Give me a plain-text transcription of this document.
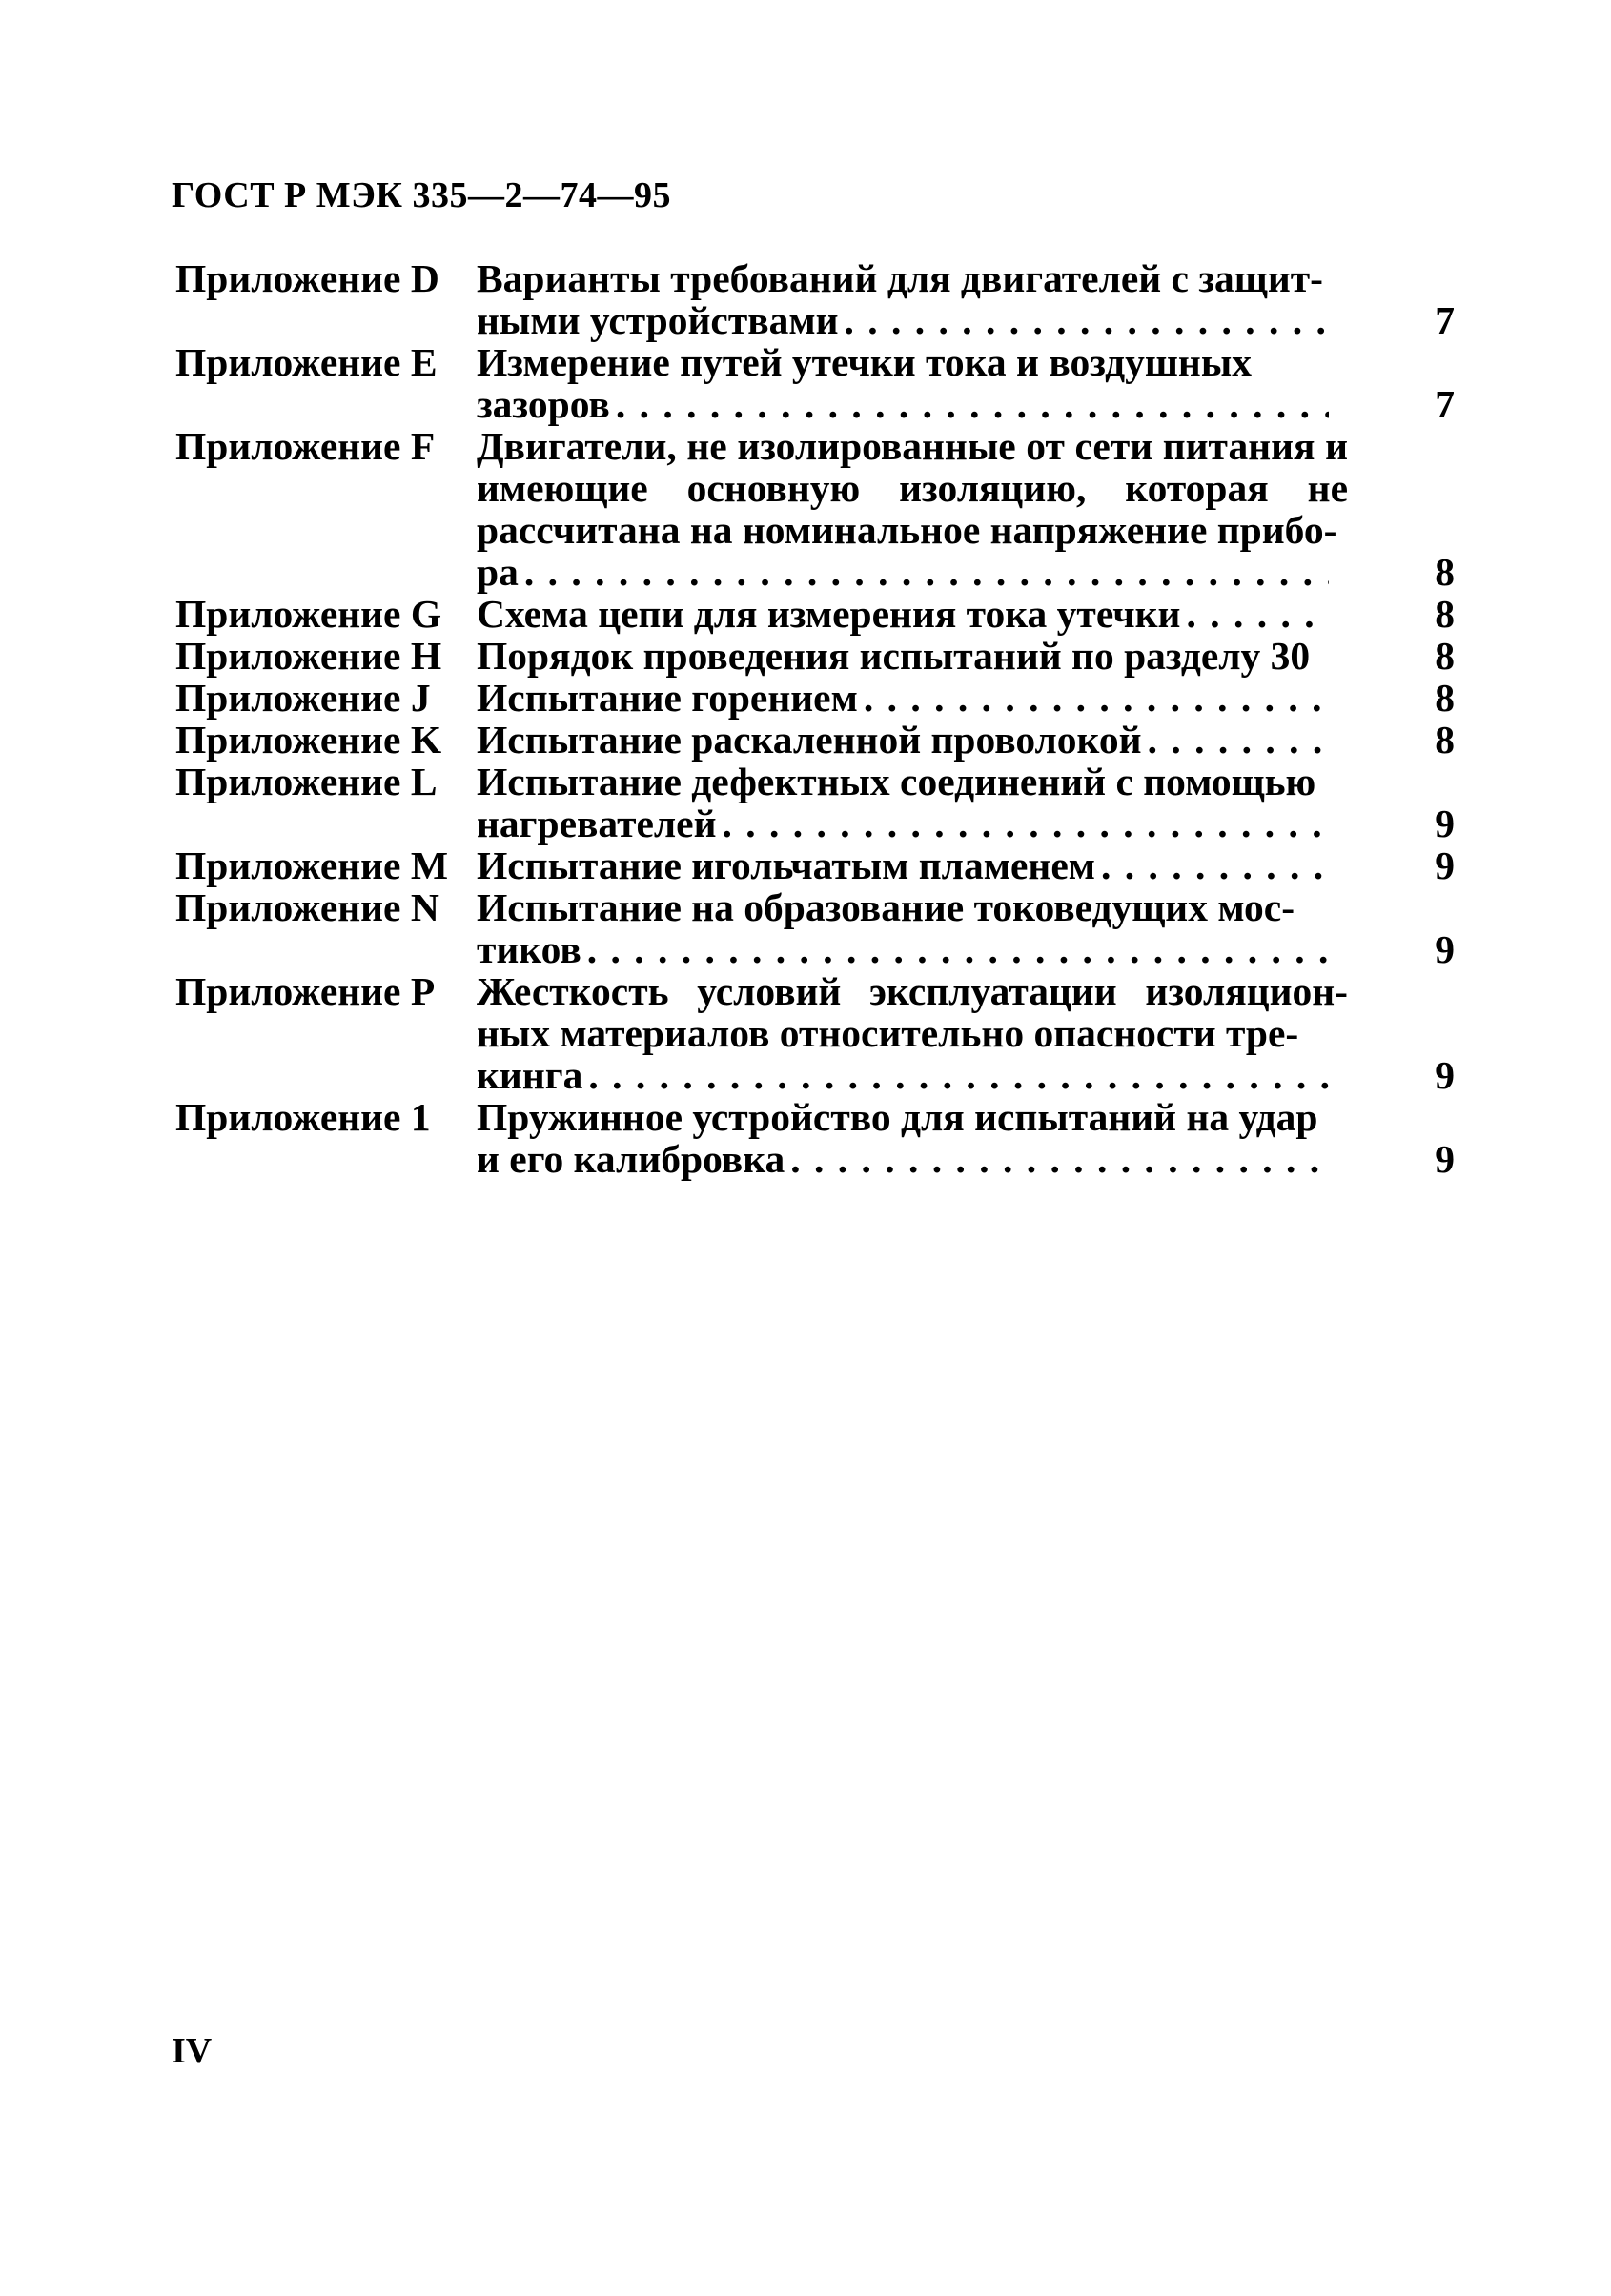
ГОСТ Р МЭК 335—2—74—95
Приложение D Варианты требований для двигателей с защит-
ными устройствами . . .	7
Приложение E Измерение путей утечки тока и воздушных
зазоров . . .	7
Приложение F	Двигатели, не изолированные от сети питания и имеющие основную изоляцию, которая не рассчитана на номинальное напряжение прибо-
ра . . .	8
Приложение G Схема цепи для измерения тока утечки . . .	8
Приложение H Порядок проведения испытаний по разделу 30	8
Приложение J	Испытание горением . . .	8
Приложение K Испытание раскаленной проволокой . . .	8
Приложение L Испытание дефектных соединений с помощью
нагревателей . . .	9
Приложение M Испытание игольчатым пламенем . . .	9
Приложение N Испытание на образование токоведущих мос-
тиков . . .	9
Приложение P	Жесткость условий эксплуатации изоляцион- ных материалов относительно опасности тре-
кинга . . .	9
Приложение 1	Пружинное устройство для испытаний на удар
и его калибровка . . .	9
IV
